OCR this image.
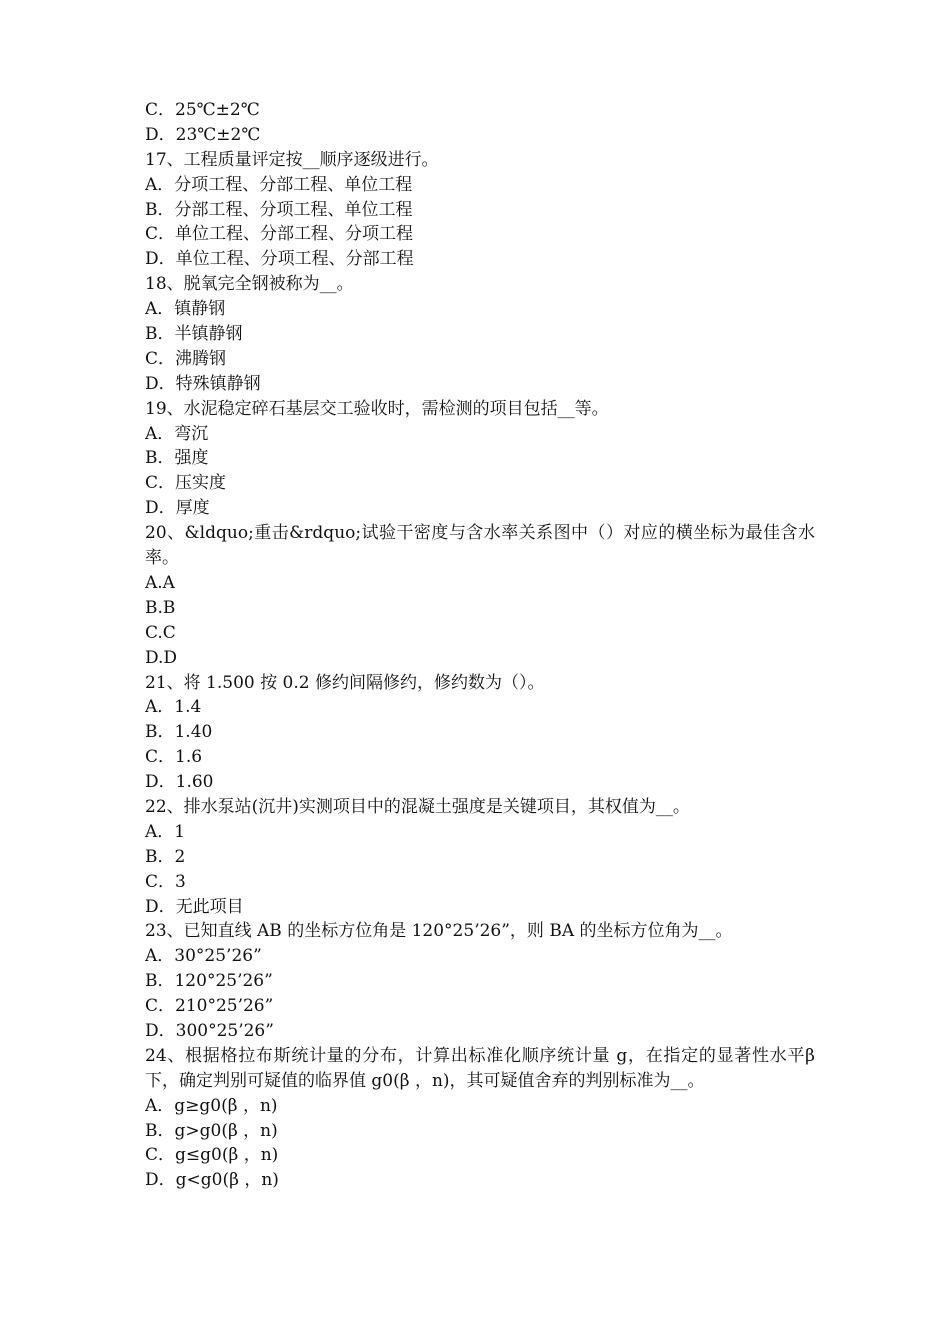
C．25℃±2℃
D．23℃±2℃
17、工程质量评定按__顺序逐级进行。
A．分项工程、分部工程、单位工程
B．分部工程、分项工程、单位工程
C．单位工程、分部工程、分项工程
D．单位工程、分项工程、分部工程
18、脱氧完全钢被称为__。
A．镇静钢
B．半镇静钢
C．沸腾钢
D．特殊镇静钢
19、水泥稳定碎石基层交工验收时，需检测的项目包括__等。
A．弯沉
B．强度
C．压实度
D．厚度
20、&ldquo;重击&rdquo;试验干密度与含水率关系图中（）对应的横坐标为最佳含水率。
A.A
B.B
C.C
D.D
21、将 1.500 按 0.2 修约间隔修约，修约数为（）。
A．1.4
B．1.40
C．1.6
D．1.60
22、排水泵站(沉井)实测项目中的混凝土强度是关键项目，其权值为__。
A．1
B．2
C．3
D．无此项目
23、已知直线 AB 的坐标方位角是 120°25’26”，则 BA 的坐标方位角为__。
A．30°25’26”
B．120°25’26”
C．210°25’26”
D．300°25’26”
24、根据格拉布斯统计量的分布，计算出标准化顺序统计量 g，在指定的显著性水平β 下，确定判别可疑值的临界值 g0(β ，n)，其可疑值舍弃的判别标准为__。
A．g≥g0(β ，n)
B．g>g0(β ，n)
C．g≤g0(β ，n)
D．g<g0(β ，n)
